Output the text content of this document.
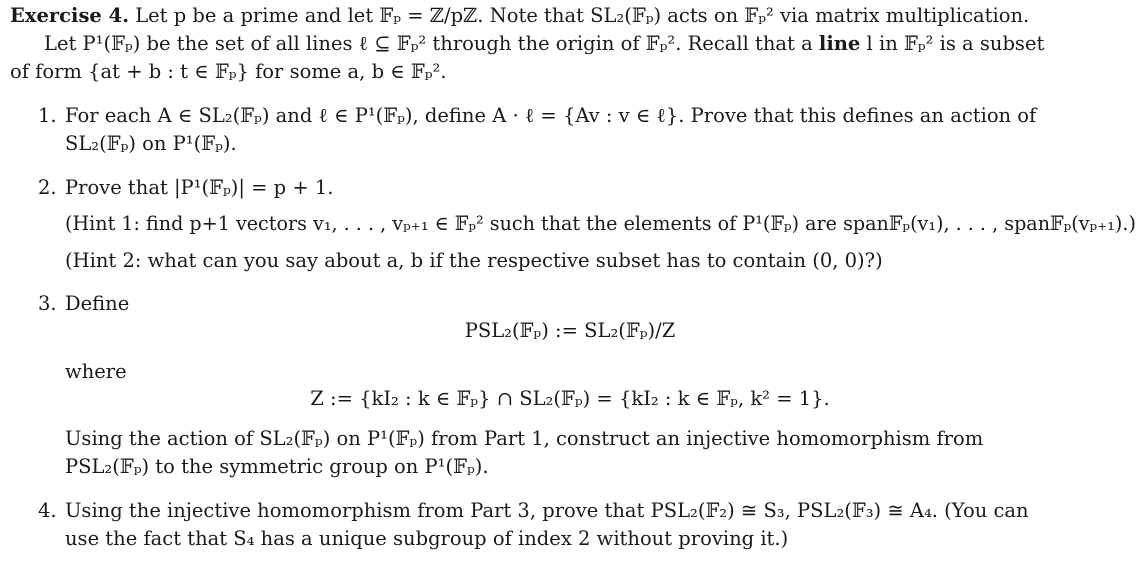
Exercise 4. Let p be a prime and let 𝔽ₚ = ℤ/pℤ. Note that SL₂(𝔽ₚ) acts on 𝔽ₚ² via matrix multiplication.
Let P¹(𝔽ₚ) be the set of all lines ℓ ⊆ 𝔽ₚ² through the origin of 𝔽ₚ². Recall that a line l in 𝔽ₚ² is a subset
of form {at + b : t ∈ 𝔽ₚ} for some a, b ∈ 𝔽ₚ².
1. For each A ∈ SL₂(𝔽ₚ) and ℓ ∈ P¹(𝔽ₚ), define A · ℓ = {Av : v ∈ ℓ}. Prove that this defines an action of
SL₂(𝔽ₚ) on P¹(𝔽ₚ).
2. Prove that |P¹(𝔽ₚ)| = p + 1.
(Hint 1: find p+1 vectors v₁, . . . , vₚ₊₁ ∈ 𝔽ₚ² such that the elements of P¹(𝔽ₚ) are span𝔽ₚ(v₁), . . . , span𝔽ₚ(vₚ₊₁).)
(Hint 2: what can you say about a, b if the respective subset has to contain (0, 0)?)
3. Define
PSL₂(𝔽ₚ) := SL₂(𝔽ₚ)/Z
where
Z := {kI₂ : k ∈ 𝔽ₚ} ∩ SL₂(𝔽ₚ) = {kI₂ : k ∈ 𝔽ₚ, k² = 1}.
Using the action of SL₂(𝔽ₚ) on P¹(𝔽ₚ) from Part 1, construct an injective homomorphism from
PSL₂(𝔽ₚ) to the symmetric group on P¹(𝔽ₚ).
4. Using the injective homomorphism from Part 3, prove that PSL₂(𝔽₂) ≅ S₃, PSL₂(𝔽₃) ≅ A₄. (You can
use the fact that S₄ has a unique subgroup of index 2 without proving it.)
